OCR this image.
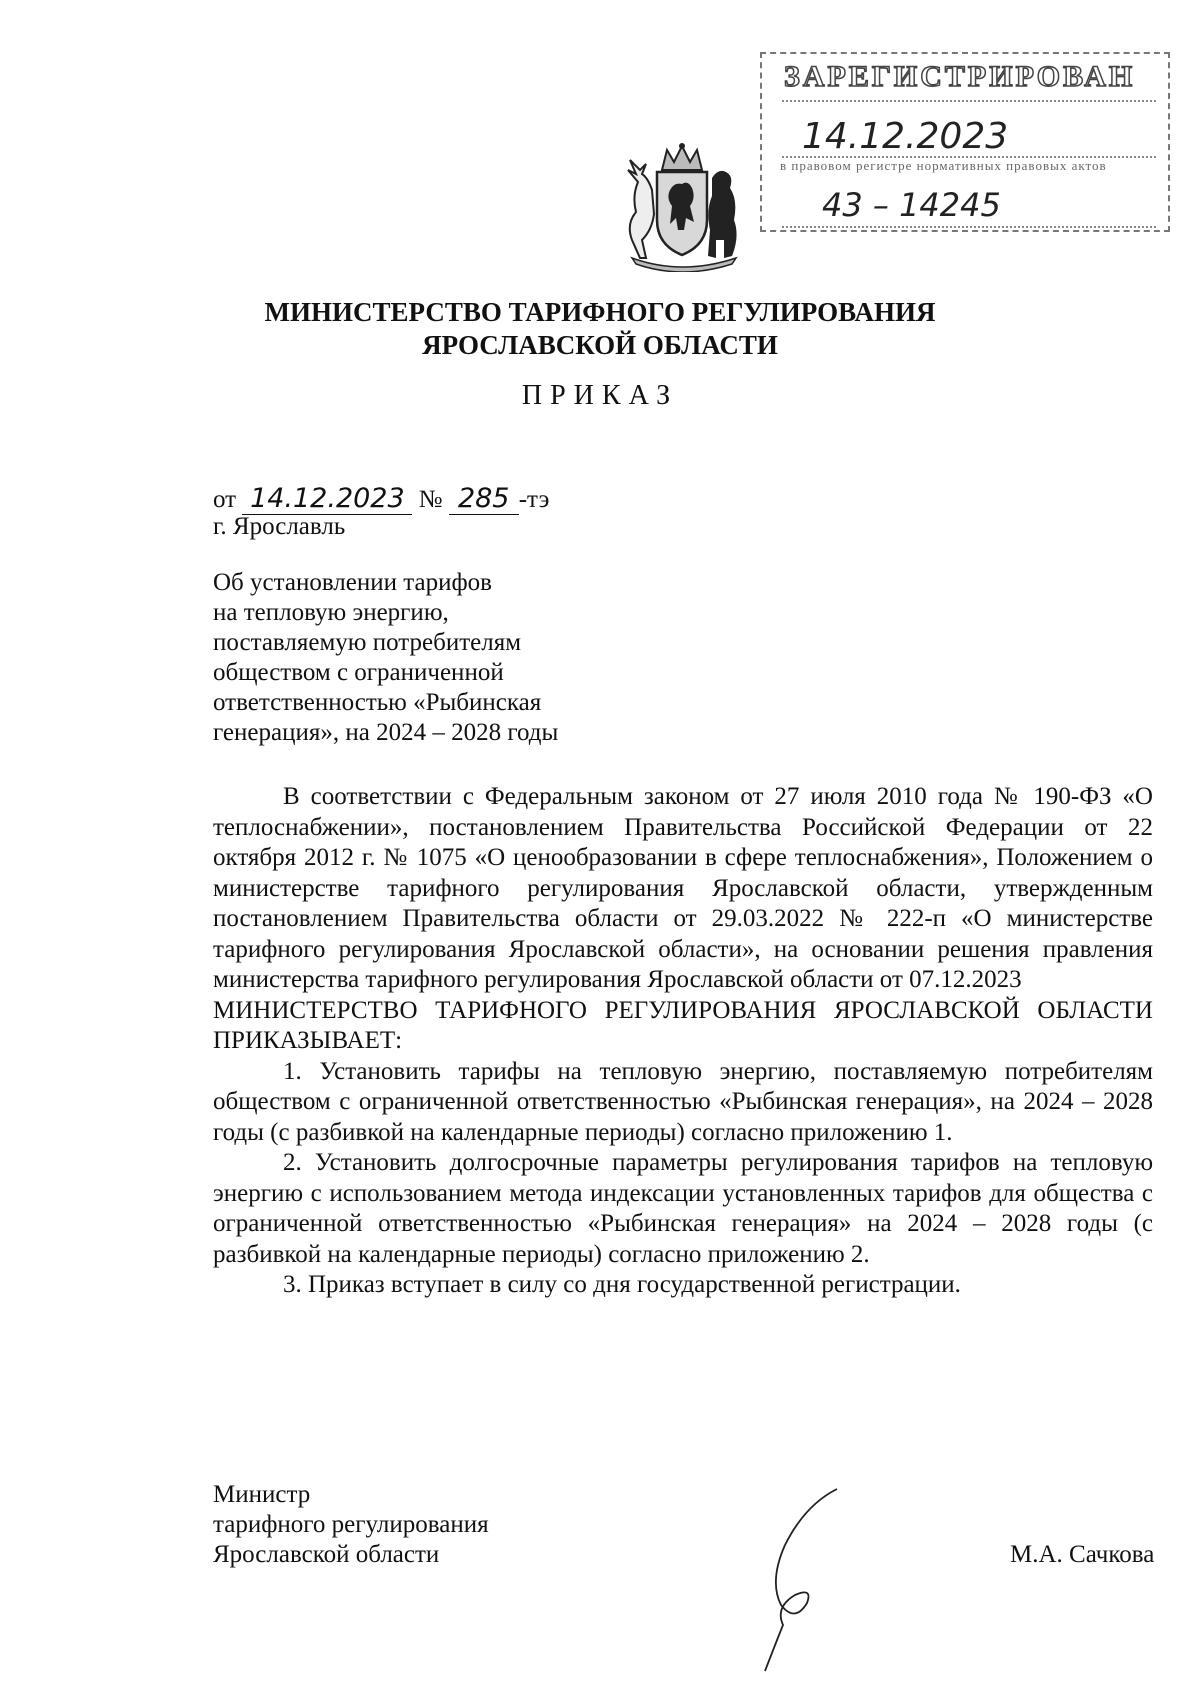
ЗАРЕГИСТРИРОВАН
14.12.2023
в правовом регистре нормативных правовых актов
43 – 14245
МИНИСТЕРСТВО ТАРИФНОГО РЕГУЛИРОВАНИЯ
ЯРОСЛАВСКОЙ ОБЛАСТИ
ПРИКАЗ
от 14.12.2023 № 285 -тэ
г. Ярославль
Об установлении тарифов
на тепловую энергию,
поставляемую потребителям
обществом с ограниченной
ответственностью «Рыбинская
генерация», на 2024 – 2028 годы

В соответствии с Федеральным законом от 27 июля 2010 года № 190-ФЗ «О теплоснабжении», постановлением Правительства Российской Федерации от 22 октября 2012 г. № 1075 «О ценообразовании в сфере теплоснабжения», Положением о министерстве тарифного регулирования Ярославской области, утвержденным постановлением Правительства области от 29.03.2022 № 222-п «О министерстве тарифного регулирования Ярославской области», на основании решения правления министерства тарифного регулирования Ярославской области от 07.12.2023

МИНИСТЕРСТВО ТАРИФНОГО РЕГУЛИРОВАНИЯ ЯРОСЛАВСКОЙ ОБЛАСТИ ПРИКАЗЫВАЕТ:

1. Установить тарифы на тепловую энергию, поставляемую потребителям обществом с ограниченной ответственностью «Рыбинская генерация», на 2024 – 2028 годы (с разбивкой на календарные периоды) согласно приложению 1.

2. Установить долгосрочные параметры регулирования тарифов на тепловую энергию с использованием метода индексации установленных тарифов для общества с ограниченной ответственностью «Рыбинская генерация» на 2024 – 2028 годы (с разбивкой на календарные периоды) согласно приложению 2.

3. Приказ вступает в силу со дня государственной регистрации.

Министр
тарифного регулирования
Ярославской области	М.А. Сачкова
